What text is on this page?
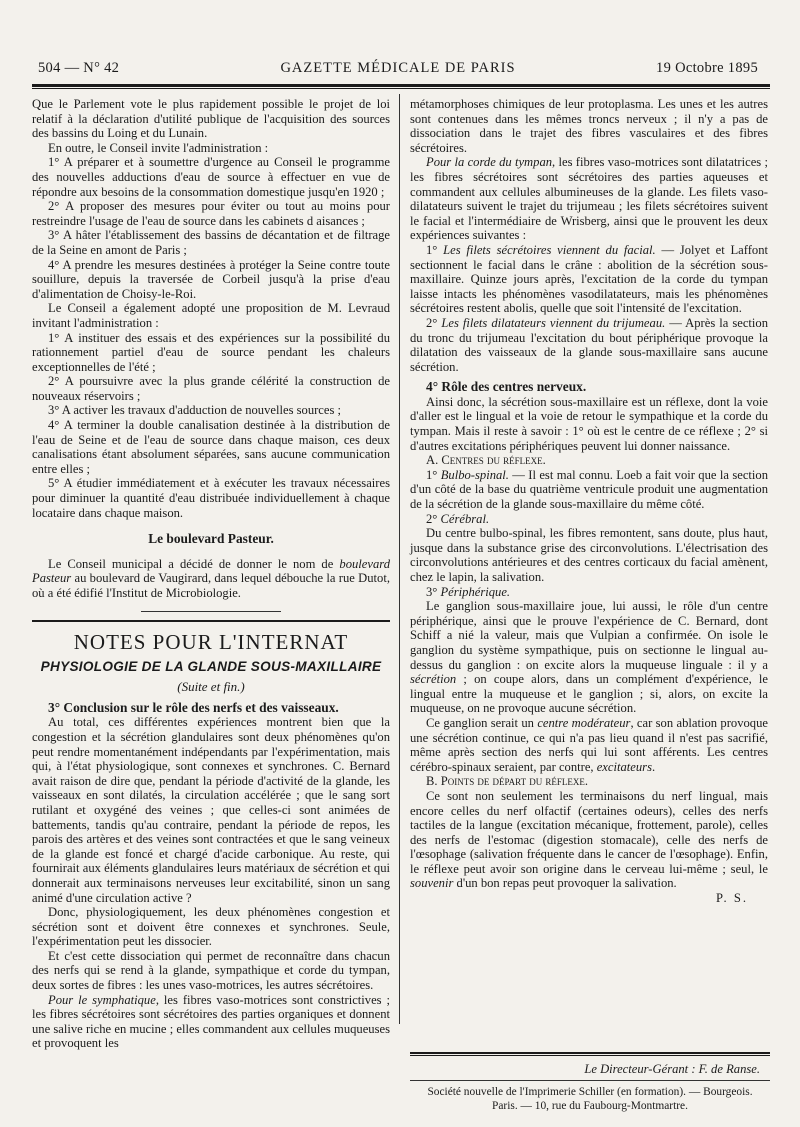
504 — N° 42	GAZETTE MÉDICALE DE PARIS	19 Octobre 1895

Que le Parlement vote le plus rapidement possible le projet de loi relatif à la déclaration d'utilité publique de l'acquisition des sources des bassins du Loing et du Lunain.

En outre, le Conseil invite l'administration :

1° A préparer et à soumettre d'urgence au Conseil le programme des nouvelles adductions d'eau de source à effectuer en vue de répondre aux besoins de la consommation domestique jusqu'en 1920 ;

2° A proposer des mesures pour éviter ou tout au moins pour restreindre l'usage de l'eau de source dans les cabinets d aisances ;

3° A hâter l'établissement des bassins de décantation et de filtrage de la Seine en amont de Paris ;

4° A prendre les mesures destinées à protéger la Seine contre toute souillure, depuis la traversée de Corbeil jusqu'à la prise d'eau d'alimentation de Choisy-le-Roi.

Le Conseil a également adopté une proposition de M. Levraud invitant l'administration :

1° A instituer des essais et des expériences sur la possibilité du rationnement partiel d'eau de source pendant les chaleurs exceptionnelles de l'été ;

2° A poursuivre avec la plus grande célérité la construction de nouveaux réservoirs ;

3° A activer les travaux d'adduction de nouvelles sources ;

4° A terminer la double canalisation destinée à la distribution de l'eau de Seine et de l'eau de source dans chaque maison, ces deux canalisations étant absolument séparées, sans aucune communication entre elles ;

5° A étudier immédiatement et à exécuter les travaux nécessaires pour diminuer la quantité d'eau distribuée individuellement à chaque locataire dans chaque maison.

Le boulevard Pasteur.

Le Conseil municipal a décidé de donner le nom de boulevard Pasteur au boulevard de Vaugirard, dans lequel débouche la rue Dutot, où a été édifié l'Institut de Microbiologie.

NOTES POUR L'INTERNAT
PHYSIOLOGIE DE LA GLANDE SOUS-MAXILLAIRE
(Suite et fin.)
3° Conclusion sur le rôle des nerfs et des vaisseaux.

Au total, ces différentes expériences montrent bien que la congestion et la sécrétion glandulaires sont deux phénomènes qu'on peut rendre momentanément indépendants par l'expérimentation, mais qui, à l'état physiologique, sont connexes et synchrones. C. Bernard avait raison de dire que, pendant la période d'activité de la glande, les vaisseaux en sont dilatés, la circulation accélérée ; que le sang sort rutilant et oxygéné des veines ; que celles-ci sont animées de battements, tandis qu'au contraire, pendant la période de repos, les parois des artères et des veines sont contractées et que le sang veineux de la glande est foncé et chargé d'acide carbonique. Au reste, qui fournirait aux éléments glandulaires leurs matériaux de sécrétion et qui donnerait aux terminaisons nerveuses leur excitabilité, sinon un sang animé d'une circulation active ?

Donc, physiologiquement, les deux phénomènes congestion et sécrétion sont et doivent être connexes et synchrones. Seule, l'expérimentation peut les dissocier.

Et c'est cette dissociation qui permet de reconnaître dans chacun des nerfs qui se rend à la glande, sympathique et corde du tympan, deux sortes de fibres : les unes vaso-motrices, les autres sécrétoires.

Pour le symphatique, les fibres vaso-motrices sont constrictives ; les fibres sécrétoires sont sécrétoires des parties organiques et donnent une salive riche en mucine ; elles commandent aux cellules muqueuses et provoquent les

métamorphoses chimiques de leur protoplasma. Les unes et les autres sont contenues dans les mêmes troncs nerveux ; il n'y a pas de dissociation dans le trajet des fibres vasculaires et des fibres sécrétoires.

Pour la corde du tympan, les fibres vaso-motrices sont dilatatrices ; les fibres sécrétoires sont sécrétoires des parties aqueuses et commandent aux cellules albumineuses de la glande. Les filets vaso-dilatateurs suivent le trajet du trijumeau ; les filets sécrétoires suivent le facial et l'intermédiaire de Wrisberg, ainsi que le prouvent les deux expériences suivantes :

1° Les filets sécrétoires viennent du facial. — Jolyet et Laffont sectionnent le facial dans le crâne : abolition de la sécrétion sous-maxillaire. Quinze jours après, l'excitation de la corde du tympan laisse intacts les phénomènes vasodilatateurs, mais les phénomènes sécrétoires restent abolis, quelle que soit l'intensité de l'excitation.

2° Les filets dilatateurs viennent du trijumeau. — Après la section du tronc du trijumeau l'excitation du bout périphérique provoque la dilatation des vaisseaux de la glande sous-maxillaire sans aucune sécrétion.

4° Rôle des centres nerveux.

Ainsi donc, la sécrétion sous-maxillaire est un réflexe, dont la voie d'aller est le lingual et la voie de retour le sympathique et la corde du tympan. Mais il reste à savoir : 1° où est le centre de ce réflexe ; 2° si d'autres excitations périphériques peuvent lui donner naissance.

A. Centres du réflexe.

1° Bulbo-spinal. — Il est mal connu. Loeb a fait voir que la section d'un côté de la base du quatrième ventricule produit une augmentation de la sécrétion de la glande sous-maxillaire du même côté.

2° Cérébral.

Du centre bulbo-spinal, les fibres remontent, sans doute, plus haut, jusque dans la substance grise des circonvolutions. L'électrisation des circonvolutions antérieures et des centres corticaux du facial amènent, chez le lapin, la salivation.

3° Périphérique.

Le ganglion sous-maxillaire joue, lui aussi, le rôle d'un centre périphérique, ainsi que le prouve l'expérience de C. Bernard, dont Schiff a nié la valeur, mais que Vulpian a confirmée. On isole le ganglion du système sympathique, puis on sectionne le lingual au-dessus du ganglion : on excite alors la muqueuse linguale : il y a sécrétion ; on coupe alors, dans un complément d'expérience, le lingual entre la muqueuse et le ganglion ; si, alors, on excite la muqueuse, on ne provoque aucune sécrétion.

Ce ganglion serait un centre modérateur, car son ablation provoque une sécrétion continue, ce qui n'a pas lieu quand il n'est pas sacrifié, même après section des nerfs qui lui sont afférents. Les centres cérébro-spinaux seraient, par contre, excitateurs.

B. Points de départ du réflexe.

Ce sont non seulement les terminaisons du nerf lingual, mais encore celles du nerf olfactif (certaines odeurs), celles des nerfs tactiles de la langue (excitation mécanique, frottement, parole), celles des nerfs de l'estomac (digestion stomacale), celle des nerfs de l'œsophage (salivation fréquente dans le cancer de l'œsophage). Enfin, le réflexe peut avoir son origine dans le cerveau lui-même ; seul, le souvenir d'un bon repas peut provoquer la salivation.

P. S.
Le Directeur-Gérant : F. de Ranse.
Société nouvelle de l'Imprimerie Schiller (en formation). — Bourgeois.
Paris. — 10, rue du Faubourg-Montmartre.
